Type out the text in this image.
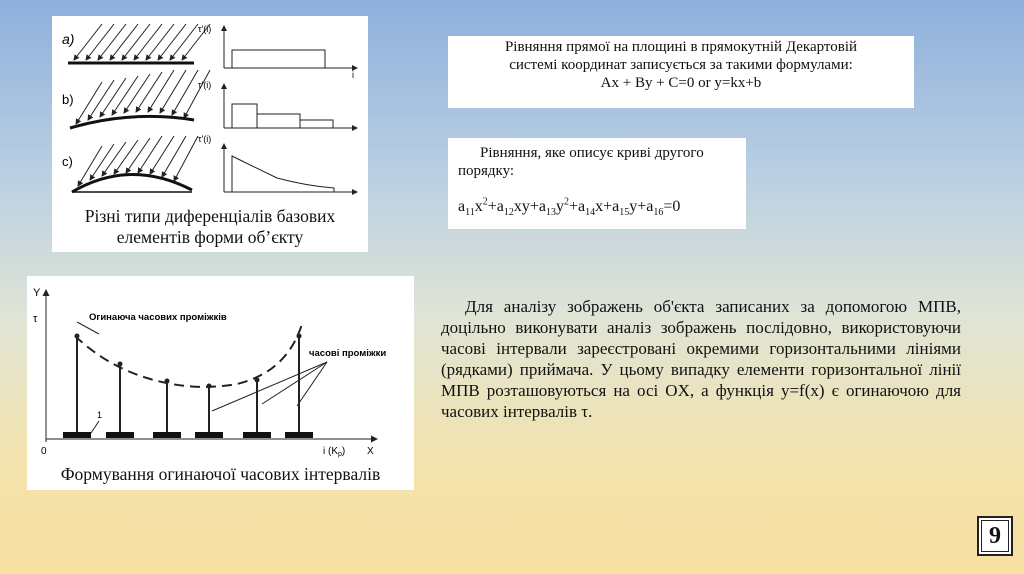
a)
τ'(i)
i
b)
τ'(i)
c)
τ'(i)
Різні типи диференціалів базових
елементів форми об’єкту
Рівняння прямої на площині в прямокутній Декартовій
системі координат записується за такими формулами:
Ax + By + C=0 or y=kx+b
Рівняння, яке описує криві другого
порядку:
$a_{11}x^2+a_{12}xy+a_{13}y^2+a_{14}x+a_{15}y+a_{16}=0$
Y
τ
0	i $(K_p)$ X
Огинаюча часових проміжків
часові проміжки
1
Формування огинаючої часових інтервалів
Для аналізу зображень об'єкта записаних за допомогою МПВ, доцільно виконувати аналіз зображень послідовно, використовуючи часові інтервали зареєстровані окремими горизонтальними лініями (рядками) приймача. У цьому випадку елементи горизонтальної лінії МПВ розташовуються на осі OX, а функція y=f(x) є огинаючою для часових інтервалів τ.
9
